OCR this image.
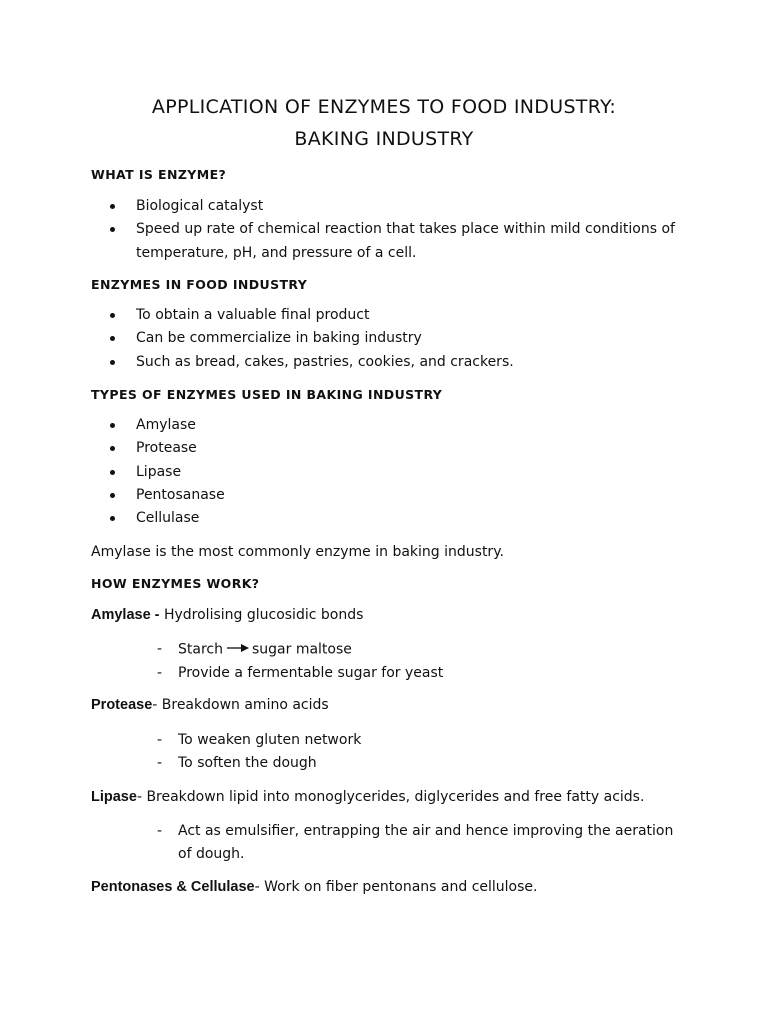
APPLICATION OF ENZYMES TO FOOD INDUSTRY:
BAKING INDUSTRY
WHAT IS ENZYME?
Biological catalyst
Speed up rate of chemical reaction that takes place within mild conditions of temperature, pH, and pressure of a cell.
ENZYMES IN FOOD INDUSTRY
To obtain a valuable final product
Can be commercialize in baking industry
Such as bread, cakes, pastries, cookies, and crackers.
TYPES OF ENZYMES USED IN BAKING INDUSTRY
Amylase
Protease
Lipase
Pentosanase
Cellulase
Amylase is the most commonly enzyme in baking industry.
HOW ENZYMES WORK?
Amylase - Hydrolising glucosidic bonds
- Starch sugar maltose
- Provide a fermentable sugar for yeast
Protease- Breakdown amino acids
- To weaken gluten network
- To soften the dough
Lipase- Breakdown lipid into monoglycerides, diglycerides and free fatty acids.
- Act as emulsifier, entrapping the air and hence improving the aeration of dough.
Pentonases & Cellulase- Work on fiber pentonans and cellulose.
